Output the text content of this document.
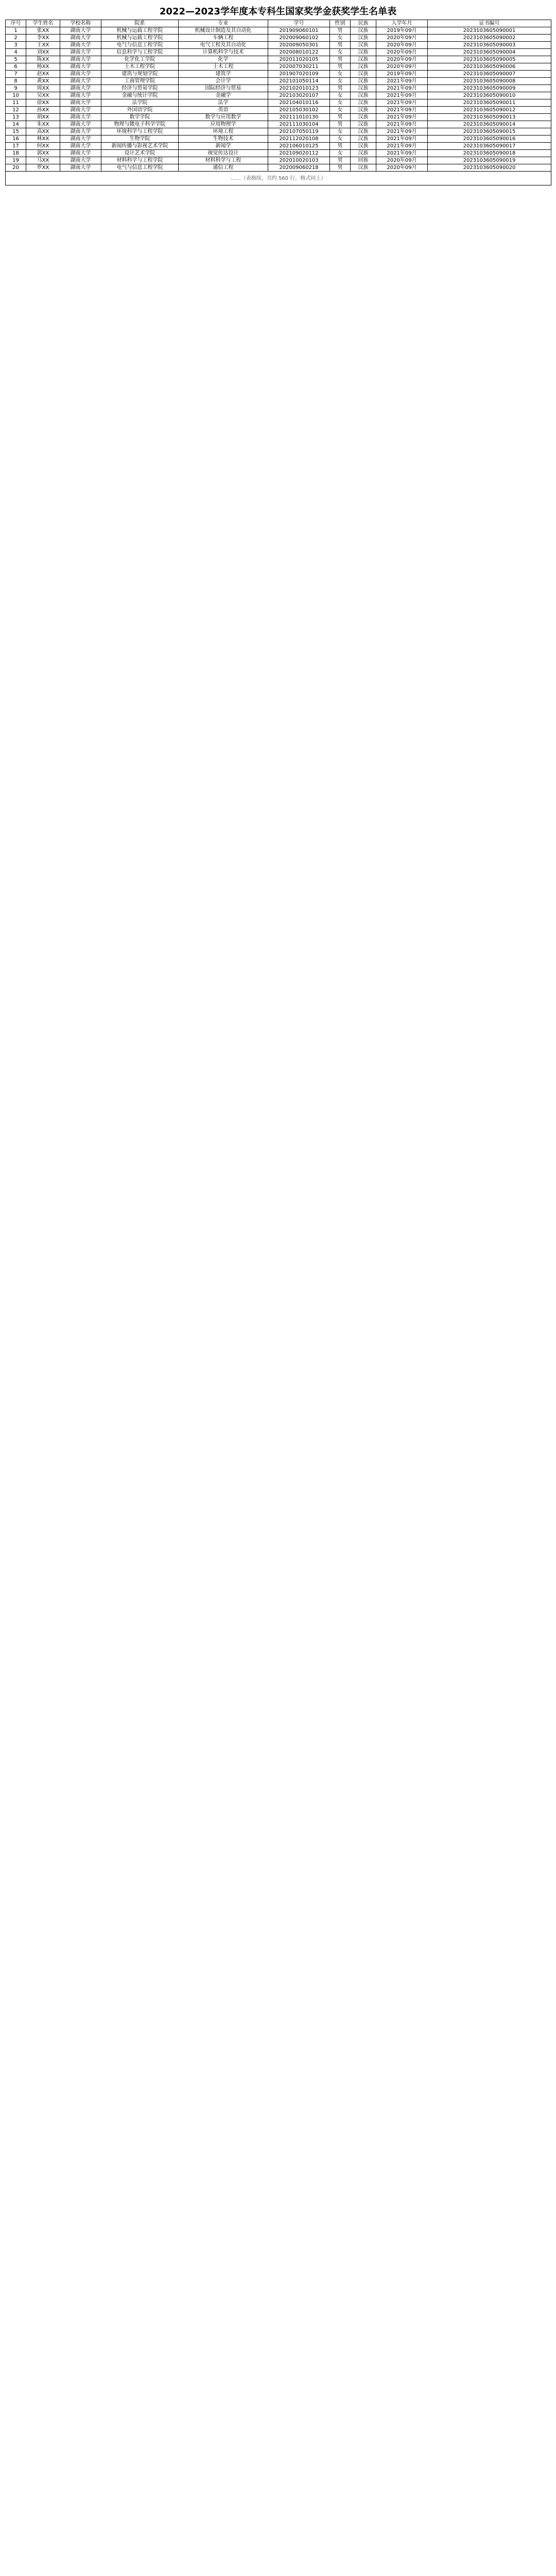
2022—2023学年度本专科生国家奖学金获奖学生名单表
序号	学生姓名	学校名称	院系	专业	学号	性别	民族	入学年月	证书编号
1	张XX	湖南大学	机械与运载工程学院	机械设计制造及其自动化	201909060101	男	汉族	2019年09月	2023103605090001
2	李XX	湖南大学	机械与运载工程学院	车辆工程	202009060102	女	汉族	2020年09月	2023103605090002
3	王XX	湖南大学	电气与信息工程学院	电气工程及其自动化	202009050301	男	汉族	2020年09月	2023103605090003
4	刘XX	湖南大学	信息科学与工程学院	计算机科学与技术	202008010122	女	汉族	2020年09月	2023103605090004
5	陈XX	湖南大学	化学化工学院	化学	202011020105	男	汉族	2020年09月	2023103605090005
6	杨XX	湖南大学	土木工程学院	土木工程	202007030211	男	汉族	2020年09月	2023103605090006
7	赵XX	湖南大学	建筑与规划学院	建筑学	201907020109	女	汉族	2019年09月	2023103605090007
8	黄XX	湖南大学	工商管理学院	会计学	202101050114	女	汉族	2021年09月	2023103605090008
9	周XX	湖南大学	经济与贸易学院	国际经济与贸易	202102010123	男	汉族	2021年09月	2023103605090009
10	吴XX	湖南大学	金融与统计学院	金融学	202103020107	女	汉族	2021年09月	2023103605090010
11	徐XX	湖南大学	法学院	法学	202104010116	女	汉族	2021年09月	2023103605090011
12	孙XX	湖南大学	外国语学院	英语	202105030102	女	汉族	2021年09月	2023103605090012
13	胡XX	湖南大学	数学学院	数学与应用数学	202111010130	男	汉族	2021年09月	2023103605090013
14	朱XX	湖南大学	物理与微电子科学学院	应用物理学	202111030104	男	汉族	2021年09月	2023103605090014
15	高XX	湖南大学	环境科学与工程学院	环境工程	202107050119	女	汉族	2021年09月	2023103605090015
16	林XX	湖南大学	生物学院	生物技术	202112020108	女	汉族	2021年09月	2023103605090016
17	何XX	湖南大学	新闻传播与影视艺术学院	新闻学	202106010125	男	汉族	2021年09月	2023103605090017
18	郭XX	湖南大学	设计艺术学院	视觉传达设计	202109020112	女	汉族	2021年09月	2023103605090018
19	马XX	湖南大学	材料科学与工程学院	材料科学与工程	202010020103	男	回族	2020年09月	2023103605090019
20	罗XX	湖南大学	电气与信息工程学院	通信工程	202009060218	男	汉族	2020年09月	2023103605090020
……（表格续，共约 560 行，格式同上）									
